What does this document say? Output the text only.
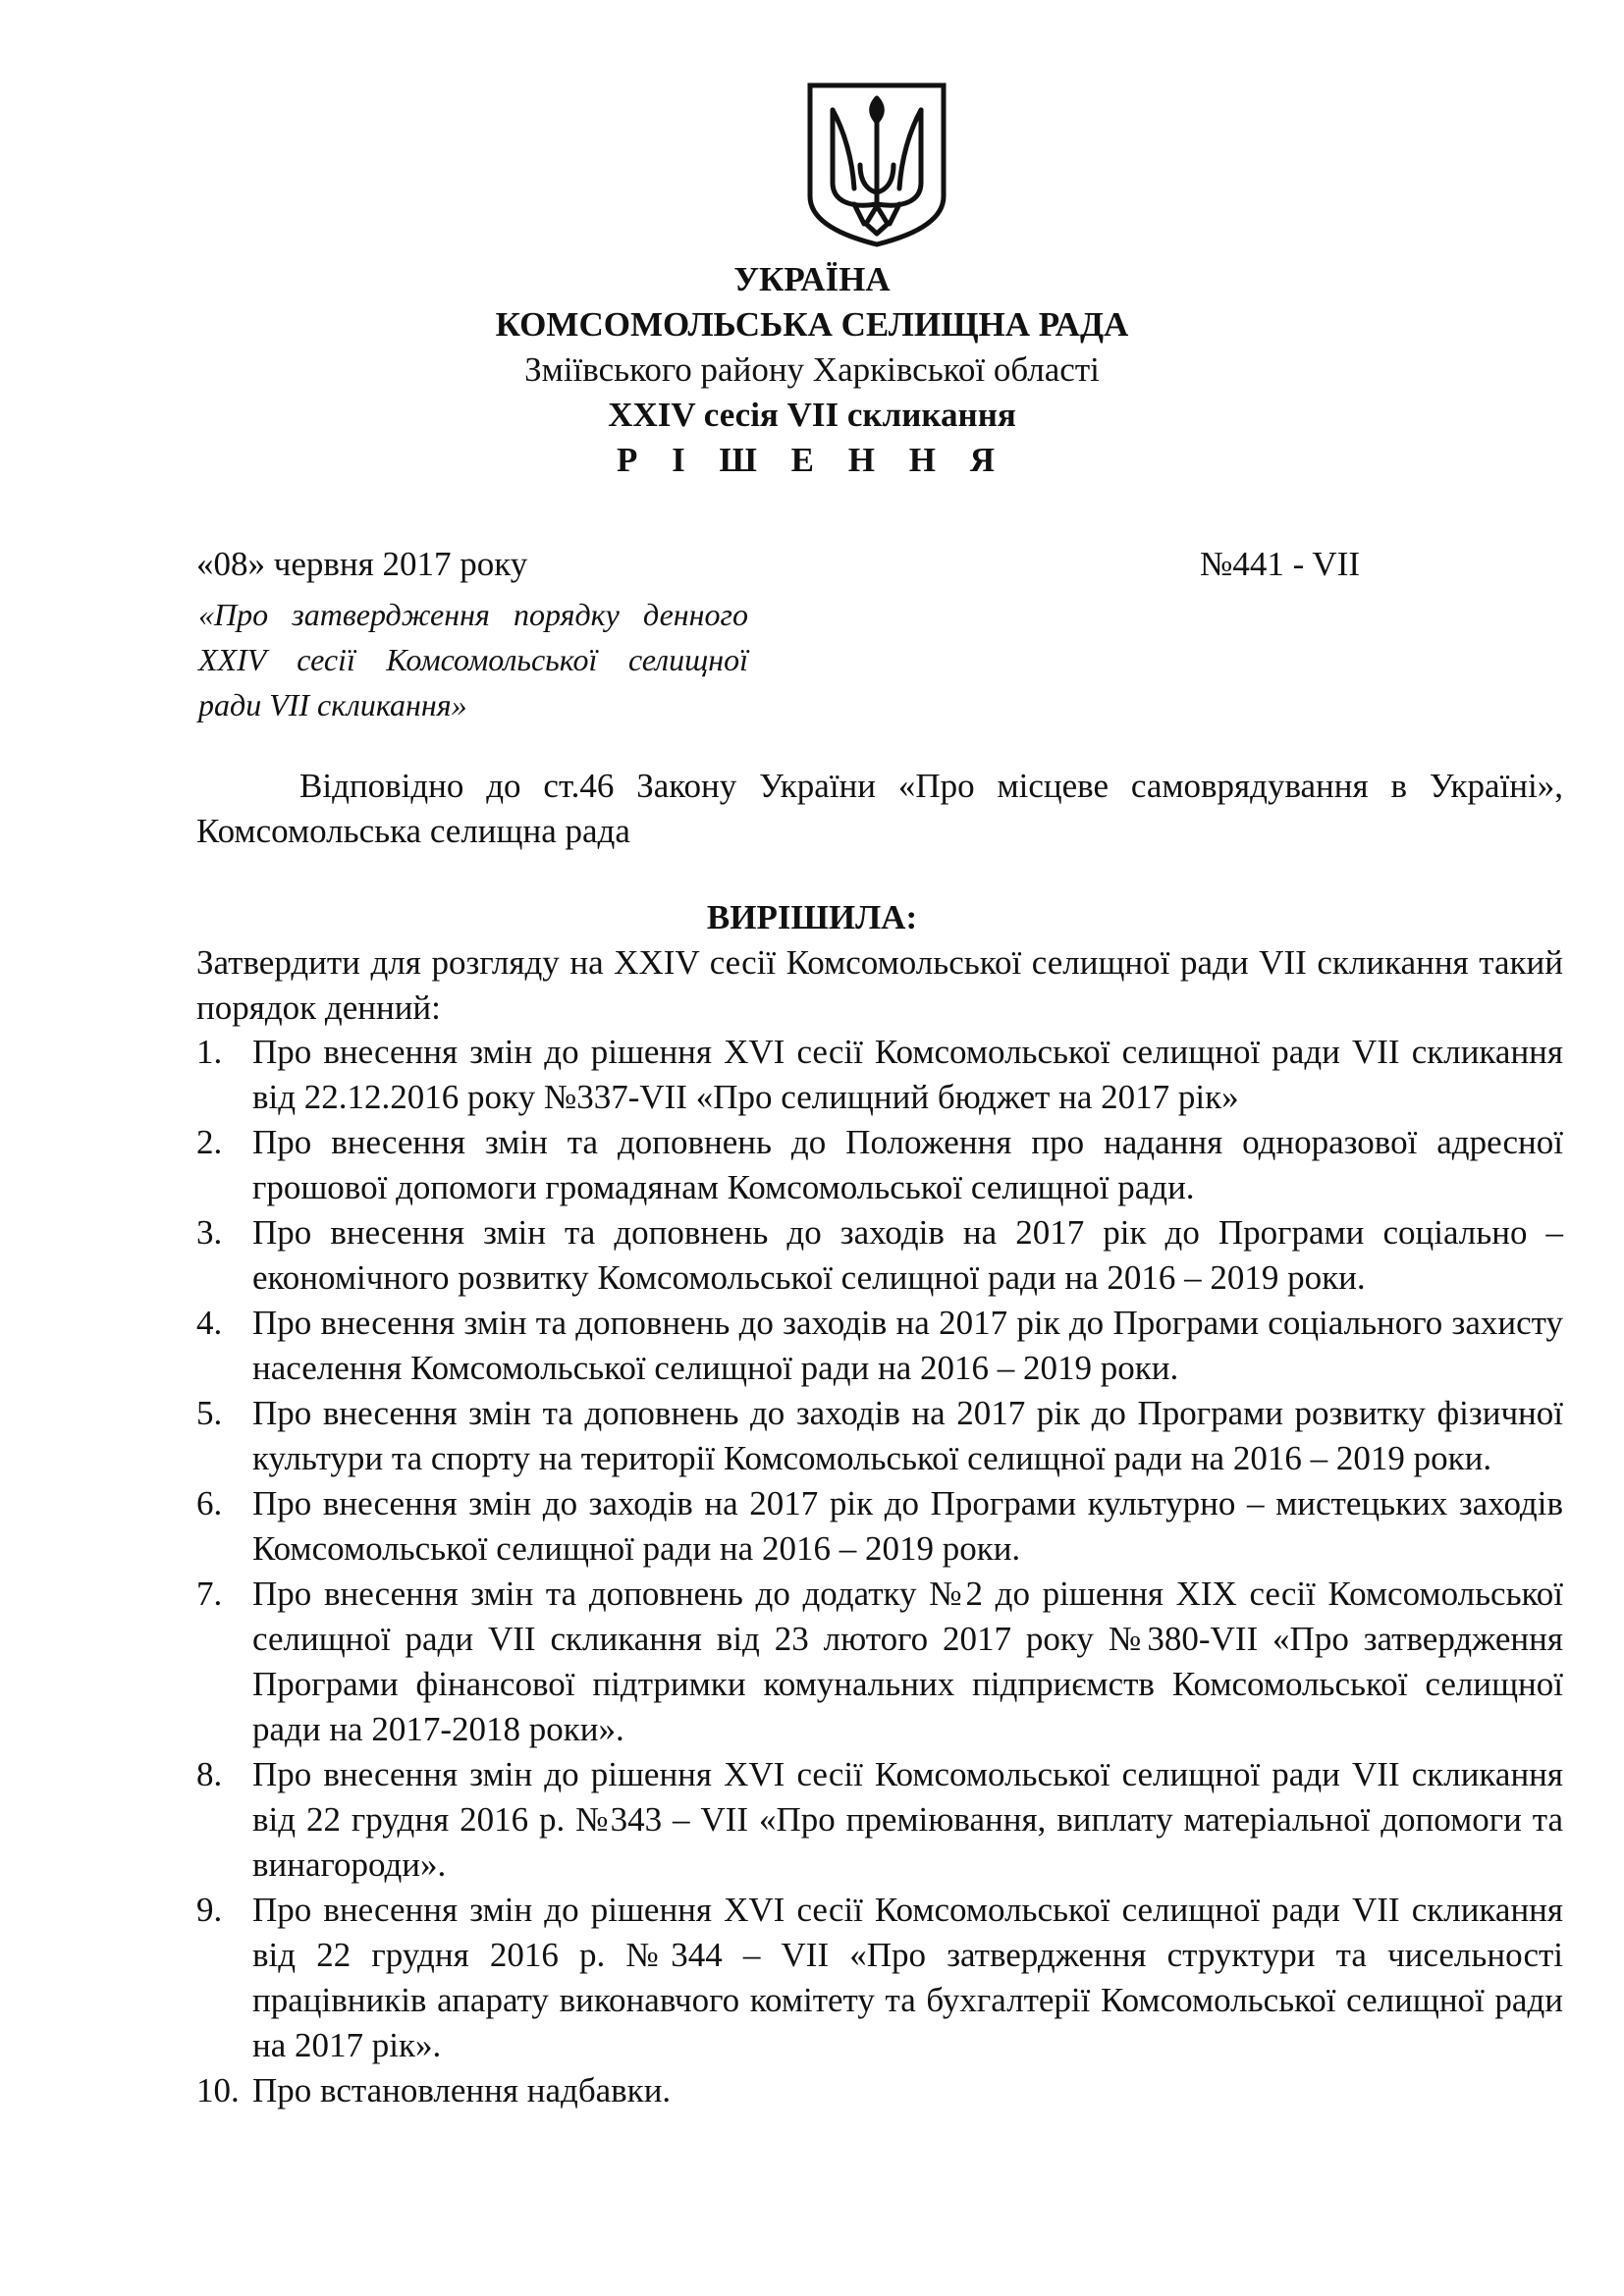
УКРАЇНА
КОМСОМОЛЬСЬКА СЕЛИЩНА РАДА
Зміївського району Харківської області
XXIV сесія VII скликання
Р І Ш Е Н Н Я
«08» червня 2017 року	№441 - VII
«Про затвердження порядку денного XXIV сесії Комсомольської селищної ради VII скликання»
Відповідно до ст.46 Закону України «Про місцеве самоврядування в Україні», Комсомольська селищна рада
ВИРІШИЛА:
Затвердити для розгляду на XXIV сесії Комсомольської селищної ради VII скликання такий порядок денний:
1. Про внесення змін до рішення XVI сесії Комсомольської селищної ради VII скликання від 22.12.2016 року №337-VII «Про селищний бюджет на 2017 рік»
2. Про внесення змін та доповнень до Положення про надання одноразової адресної грошової допомоги громадянам Комсомольської селищної ради.
3. Про внесення змін та доповнень до заходів на 2017 рік до Програми соціально – економічного розвитку Комсомольської селищної ради на 2016 – 2019 роки.
4. Про внесення змін та доповнень до заходів на 2017 рік до Програми соціального захисту населення Комсомольської селищної ради на 2016 – 2019 роки.
5. Про внесення змін та доповнень до заходів на 2017 рік до Програми розвитку фізичної культури та спорту на території Комсомольської селищної ради на 2016 – 2019 роки.
6. Про внесення змін до заходів на 2017 рік до Програми культурно – мистецьких заходів Комсомольської селищної ради на 2016 – 2019 роки.
7. Про внесення змін та доповнень до додатку №2 до рішення XIX сесії Комсомольської селищної ради VII скликання від 23 лютого 2017 року №380-VII «Про затвердження Програми фінансової підтримки комунальних підприємств Комсомольської селищної ради на 2017-2018 роки».
8. Про внесення змін до рішення XVI сесії Комсомольської селищної ради VII скликання від 22 грудня 2016 р. №343 – VII «Про преміювання, виплату матеріальної допомоги та винагороди».
9. Про внесення змін до рішення XVI сесії Комсомольської селищної ради VII скликання від 22 грудня 2016 р. №344 – VII «Про затвердження структури та чисельності працівників апарату виконавчого комітету та бухгалтерії Комсомольської селищної ради на 2017 рік».
10. Про встановлення надбавки.
